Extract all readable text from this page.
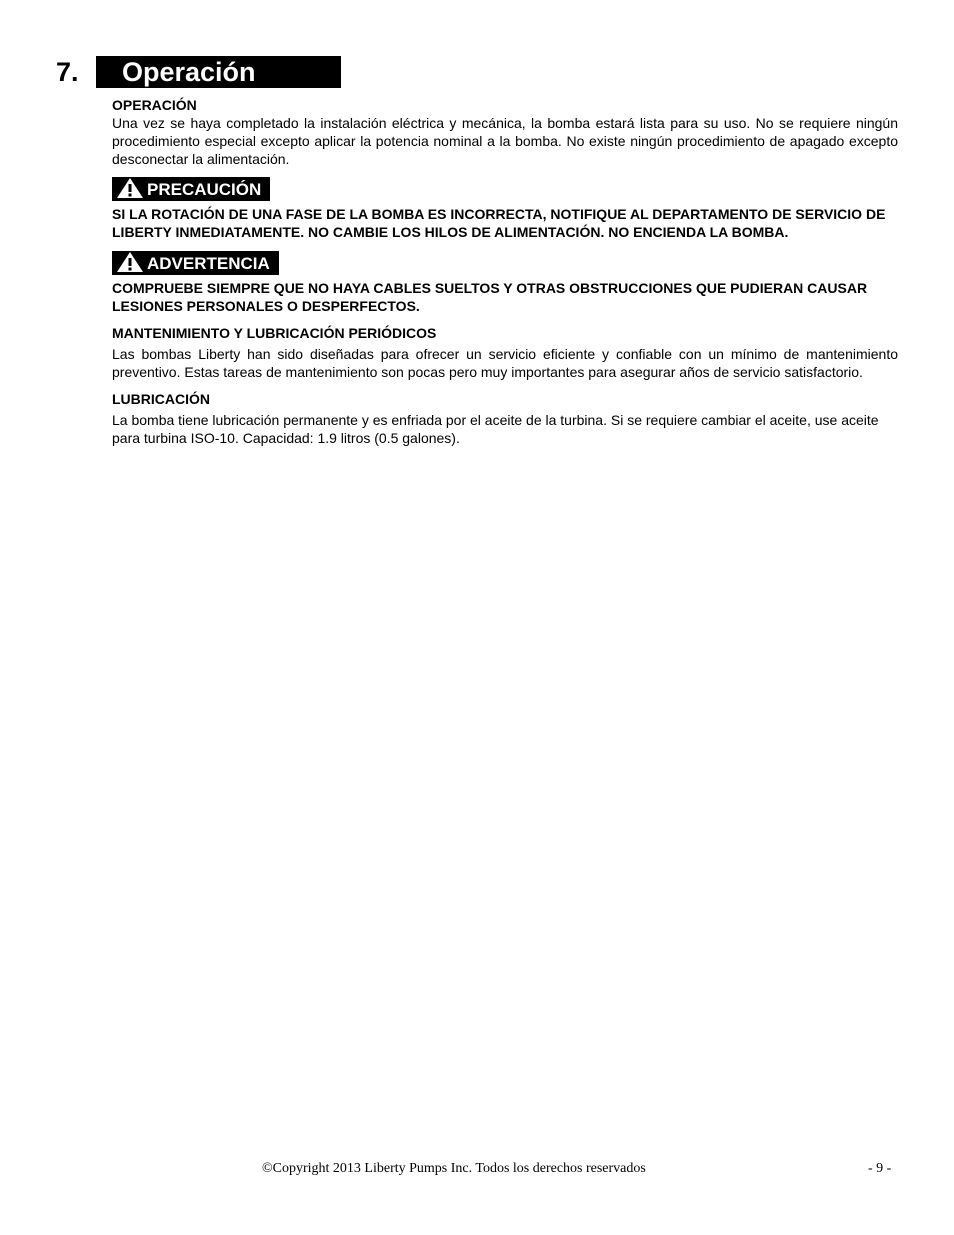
7. Operación

OPERACIÓN

Una vez se haya completado la instalación eléctrica y mecánica, la bomba estará lista para su uso. No se requiere ningún procedimiento especial excepto aplicar la potencia nominal a la bomba. No existe ningún procedimiento de apagado excepto desconectar la alimentación.

PRECAUCIÓN

SI LA ROTACIÓN DE UNA FASE DE LA BOMBA ES INCORRECTA, NOTIFIQUE AL DEPARTAMENTO DE SERVICIO DE LIBERTY INMEDIATAMENTE. NO CAMBIE LOS HILOS DE ALIMENTACIÓN. NO ENCIENDA LA BOMBA.

ADVERTENCIA

COMPRUEBE SIEMPRE QUE NO HAYA CABLES SUELTOS Y OTRAS OBSTRUCCIONES QUE PUDIERAN CAUSAR LESIONES PERSONALES O DESPERFECTOS.

MANTENIMIENTO Y LUBRICACIÓN PERIÓDICOS

Las bombas Liberty han sido diseñadas para ofrecer un servicio eficiente y confiable con un mínimo de mantenimiento preventivo. Estas tareas de mantenimiento son pocas pero muy importantes para asegurar años de servicio satisfactorio.

LUBRICACIÓN

La bomba tiene lubricación permanente y es enfriada por el aceite de la turbina. Si se requiere cambiar el aceite, use aceite para turbina ISO-10. Capacidad: 1.9 litros (0.5 galones).

©Copyright 2013 Liberty Pumps Inc. Todos los derechos reservados	- 9 -
